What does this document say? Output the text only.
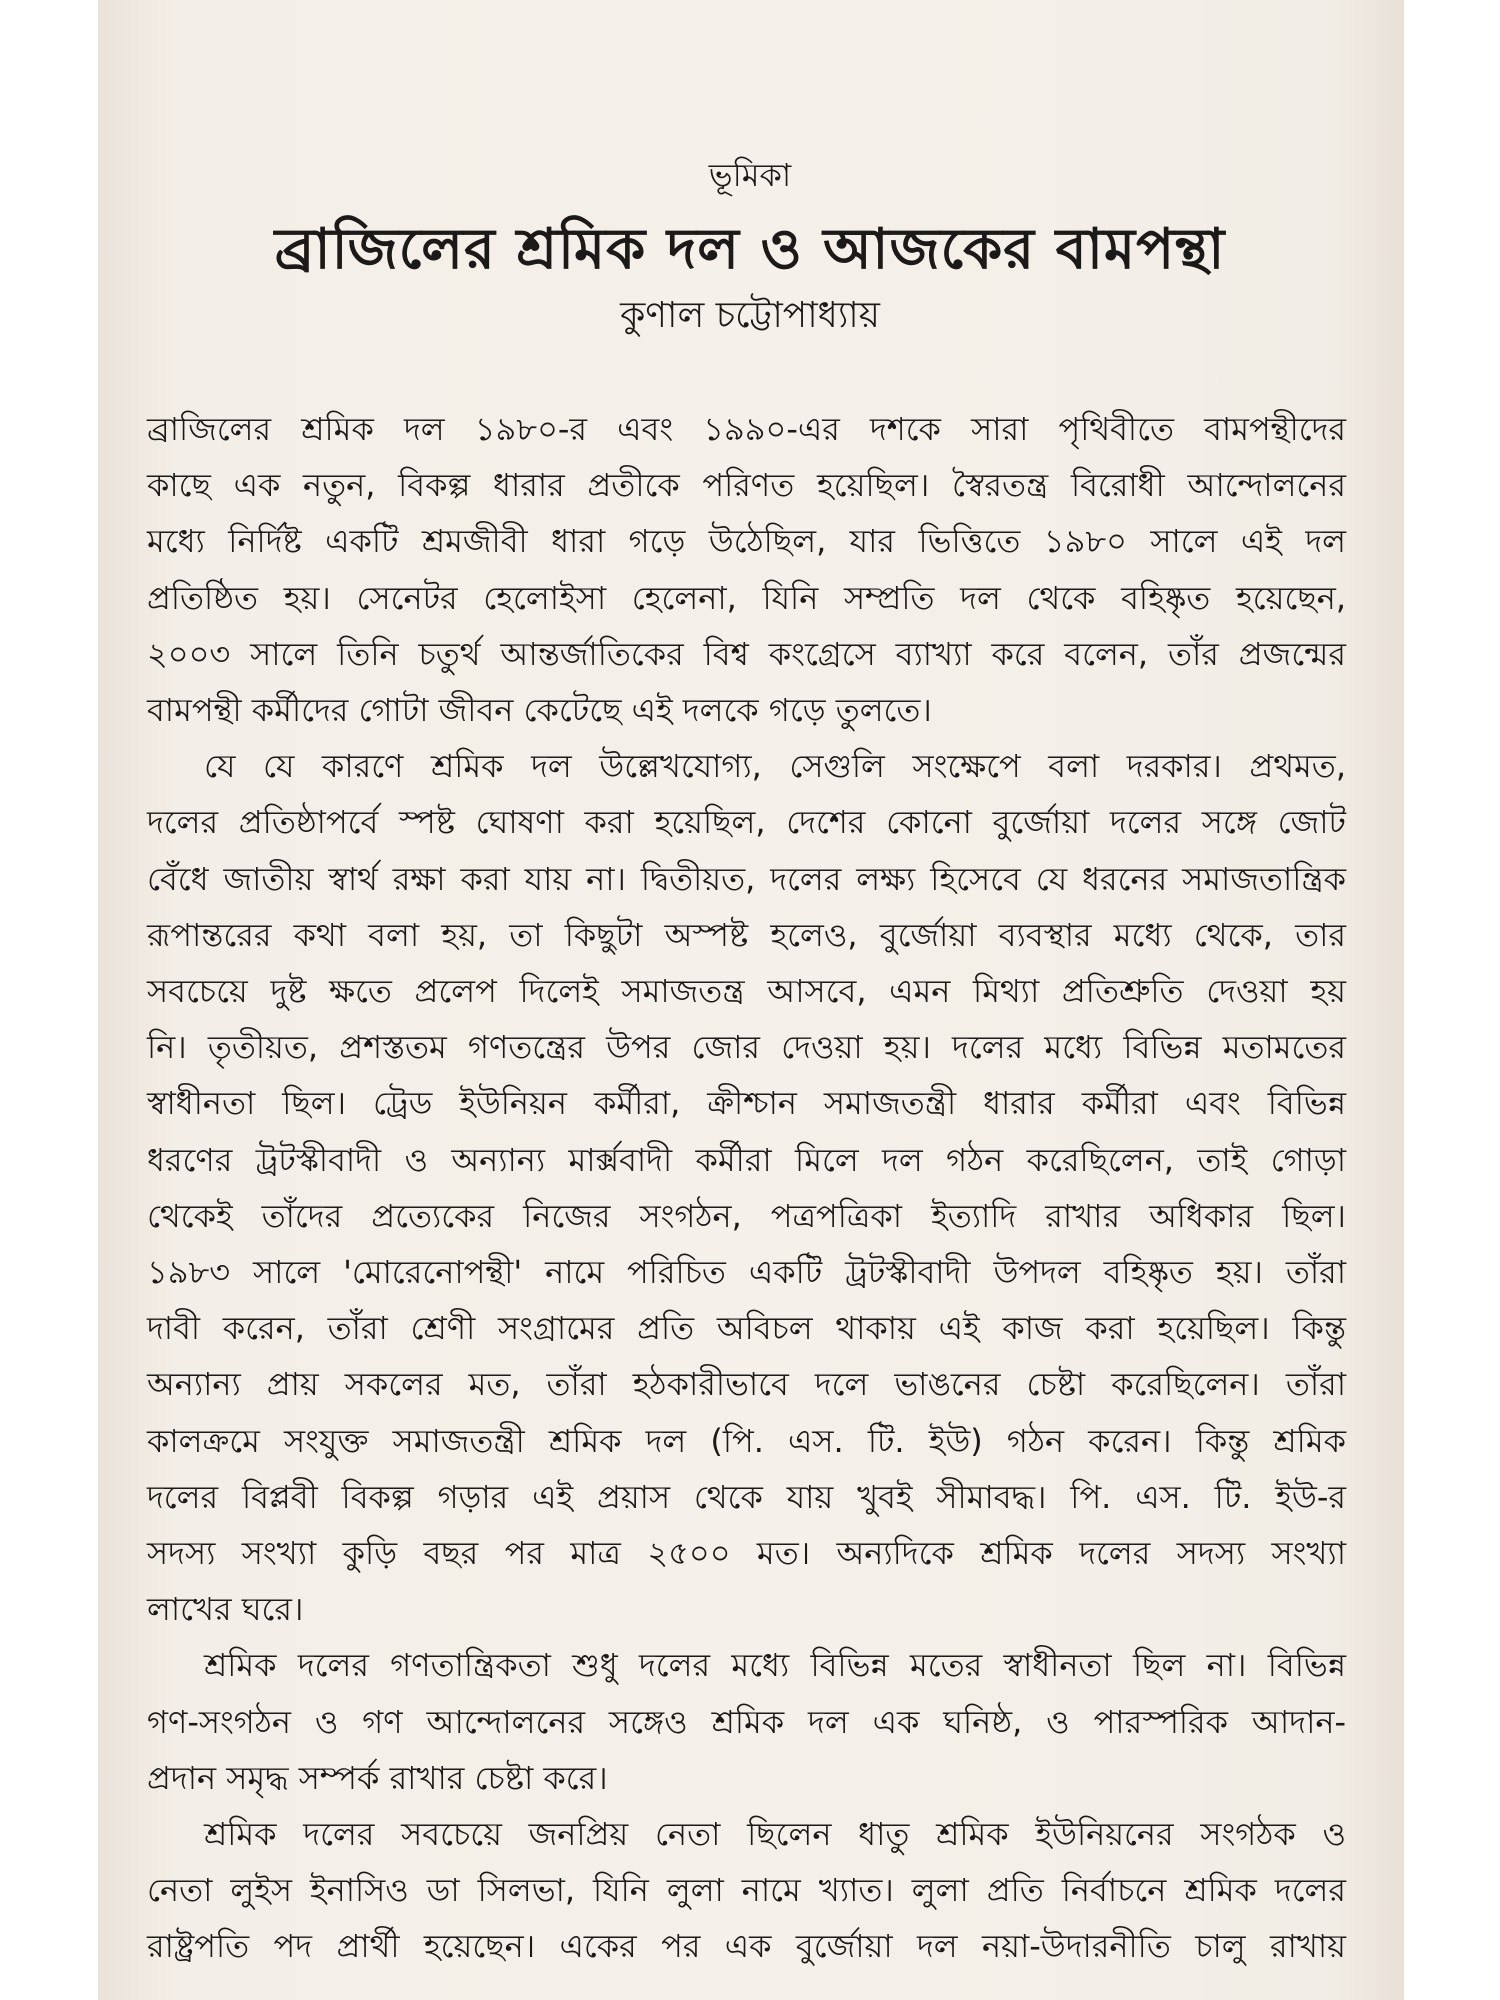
ভূমিকা
ব্রাজিলের শ্রমিক দল ও আজকের বামপন্থা
কুণাল চট্টোপাধ্যায়
ব্রাজিলের শ্রমিক দল ১৯৮০-র এবং ১৯৯০-এর দশকে সারা পৃথিবীতে বামপন্থীদের
কাছে এক নতুন, বিকল্প ধারার প্রতীকে পরিণত হয়েছিল। স্বৈরতন্ত্র বিরোধী আন্দোলনের
মধ্যে নির্দিষ্ট একটি শ্রমজীবী ধারা গড়ে উঠেছিল, যার ভিত্তিতে ১৯৮০ সালে এই দল
প্রতিষ্ঠিত হয়। সেনেটর হেলোইসা হেলেনা, যিনি সম্প্রতি দল থেকে বহিষ্কৃত হয়েছেন,
২০০৩ সালে তিনি চতুর্থ আন্তর্জাতিকের বিশ্ব কংগ্রেসে ব্যাখ্যা করে বলেন, তাঁর প্রজন্মের
বামপন্থী কর্মীদের গোটা জীবন কেটেছে এই দলকে গড়ে তুলতে।
যে যে কারণে শ্রমিক দল উল্লেখযোগ্য, সেগুলি সংক্ষেপে বলা দরকার। প্রথমত,
দলের প্রতিষ্ঠাপর্বে স্পষ্ট ঘোষণা করা হয়েছিল, দেশের কোনো বুর্জোয়া দলের সঙ্গে জোট
বেঁধে জাতীয় স্বার্থ রক্ষা করা যায় না। দ্বিতীয়ত, দলের লক্ষ্য হিসেবে যে ধরনের সমাজতান্ত্রিক
রূপান্তরের কথা বলা হয়, তা কিছুটা অস্পষ্ট হলেও, বুর্জোয়া ব্যবস্থার মধ্যে থেকে, তার
সবচেয়ে দুষ্ট ক্ষতে প্রলেপ দিলেই সমাজতন্ত্র আসবে, এমন মিথ্যা প্রতিশ্রুতি দেওয়া হয়
নি। তৃতীয়ত, প্রশস্ততম গণতন্ত্রের উপর জোর দেওয়া হয়। দলের মধ্যে বিভিন্ন মতামতের
স্বাধীনতা ছিল। ট্রেড ইউনিয়ন কর্মীরা, ক্রীশ্চান সমাজতন্ত্রী ধারার কর্মীরা এবং বিভিন্ন
ধরণের ট্রটস্কীবাদী ও অন্যান্য মার্ক্সবাদী কর্মীরা মিলে দল গঠন করেছিলেন, তাই গোড়া
থেকেই তাঁদের প্রত্যেকের নিজের সংগঠন, পত্রপত্রিকা ইত্যাদি রাখার অধিকার ছিল।
১৯৮৩ সালে 'মোরেনোপন্থী' নামে পরিচিত একটি ট্রটস্কীবাদী উপদল বহিষ্কৃত হয়। তাঁরা
দাবী করেন, তাঁরা শ্রেণী সংগ্রামের প্রতি অবিচল থাকায় এই কাজ করা হয়েছিল। কিন্তু
অন্যান্য প্রায় সকলের মত, তাঁরা হঠকারীভাবে দলে ভাঙনের চেষ্টা করেছিলেন। তাঁরা
কালক্রমে সংযুক্ত সমাজতন্ত্রী শ্রমিক দল (পি. এস. টি. ইউ) গঠন করেন। কিন্তু শ্রমিক
দলের বিপ্লবী বিকল্প গড়ার এই প্রয়াস থেকে যায় খুবই সীমাবদ্ধ। পি. এস. টি. ইউ-র
সদস্য সংখ্যা কুড়ি বছর পর মাত্র ২৫০০ মত। অন্যদিকে শ্রমিক দলের সদস্য সংখ্যা
লাখের ঘরে।
শ্রমিক দলের গণতান্ত্রিকতা শুধু দলের মধ্যে বিভিন্ন মতের স্বাধীনতা ছিল না। বিভিন্ন
গণ-সংগঠন ও গণ আন্দোলনের সঙ্গেও শ্রমিক দল এক ঘনিষ্ঠ, ও পারস্পরিক আদান-
প্রদান সমৃদ্ধ সম্পর্ক রাখার চেষ্টা করে।
শ্রমিক দলের সবচেয়ে জনপ্রিয় নেতা ছিলেন ধাতু শ্রমিক ইউনিয়নের সংগঠক ও
নেতা লুইস ইনাসিও ডা সিলভা, যিনি লুলা নামে খ্যাত। লুলা প্রতি নির্বাচনে শ্রমিক দলের
রাষ্ট্রপতি পদ প্রার্থী হয়েছেন। একের পর এক বুর্জোয়া দল নয়া-উদারনীতি চালু রাখায়
